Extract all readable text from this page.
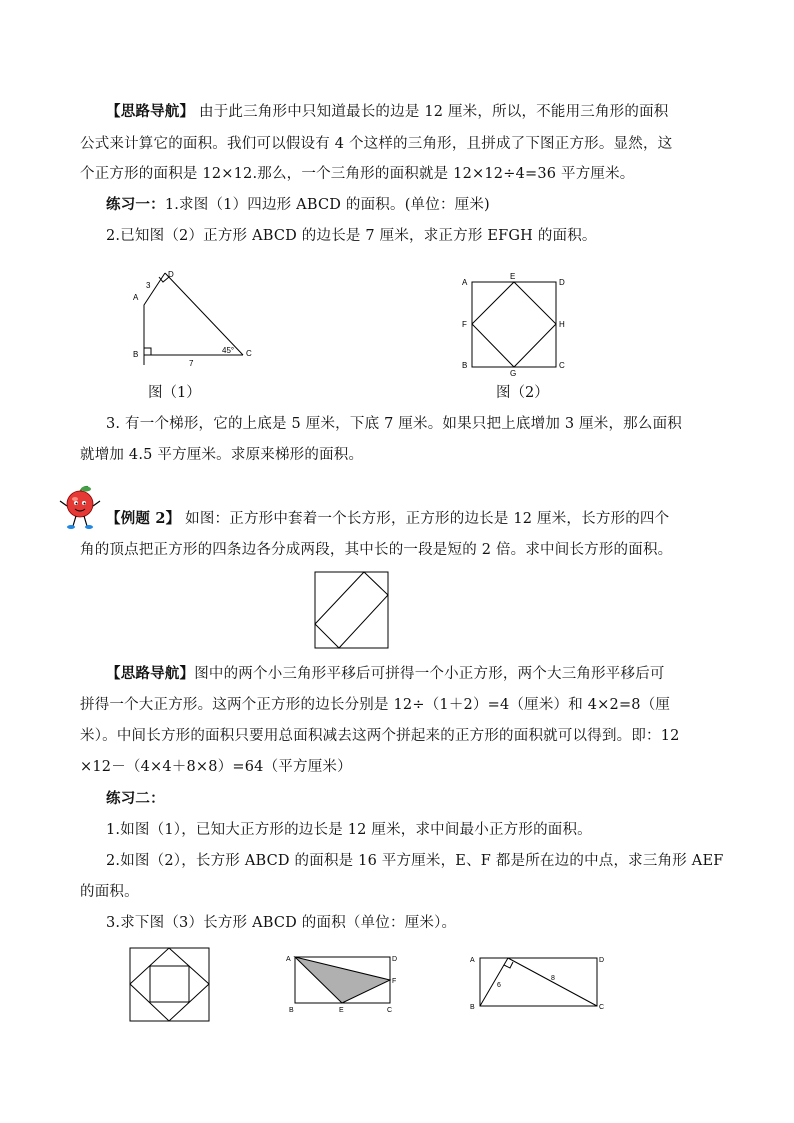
【思路导航】 由于此三角形中只知道最长的边是 12 厘米，所以，不能用三角形的面积
公式来计算它的面积。我们可以假设有 4 个这样的三角形，且拼成了下图正方形。显然，这
个正方形的面积是 12×12.那么，一个三角形的面积就是 12×12÷4=36 平方厘米。
练习一：1.求图（1）四边形 ABCD 的面积。(单位：厘米)
2.已知图（2）正方形 ABCD 的边长是 7 厘米，求正方形 EFGH 的面积。
A
B	C
D
3
7
45°
图（1）
A
B	C
D
E
F
G
H
图（2）
3. 有一个梯形，它的上底是 5 厘米，下底 7 厘米。如果只把上底增加 3 厘米，那么面积
就增加 4.5 平方厘米。求原来梯形的面积。
【例题 2】 如图：正方形中套着一个长方形，正方形的边长是 12 厘米，长方形的四个
角的顶点把正方形的四条边各分成两段，其中长的一段是短的 2 倍。求中间长方形的面积。
【思路导航】图中的两个小三角形平移后可拼得一个小正方形，两个大三角形平移后可
拼得一个大正方形。这两个正方形的边长分别是 12÷（1＋2）=4（厘米）和 4×2=8（厘
米）。中间长方形的面积只要用总面积减去这两个拼起来的正方形的面积就可以得到。即：12
×12－（4×4＋8×8）=64（平方厘米）
练习二：
1.如图（1），已知大正方形的边长是 12 厘米，求中间最小正方形的面积。
2.如图（2），长方形 ABCD 的面积是 16 平方厘米，E、F 都是所在边的中点，求三角形 AEF
的面积。
3.求下图（3）长方形 ABCD 的面积（单位：厘米）。
A
B	C
D
E
F
A
B	C
D
6
8
